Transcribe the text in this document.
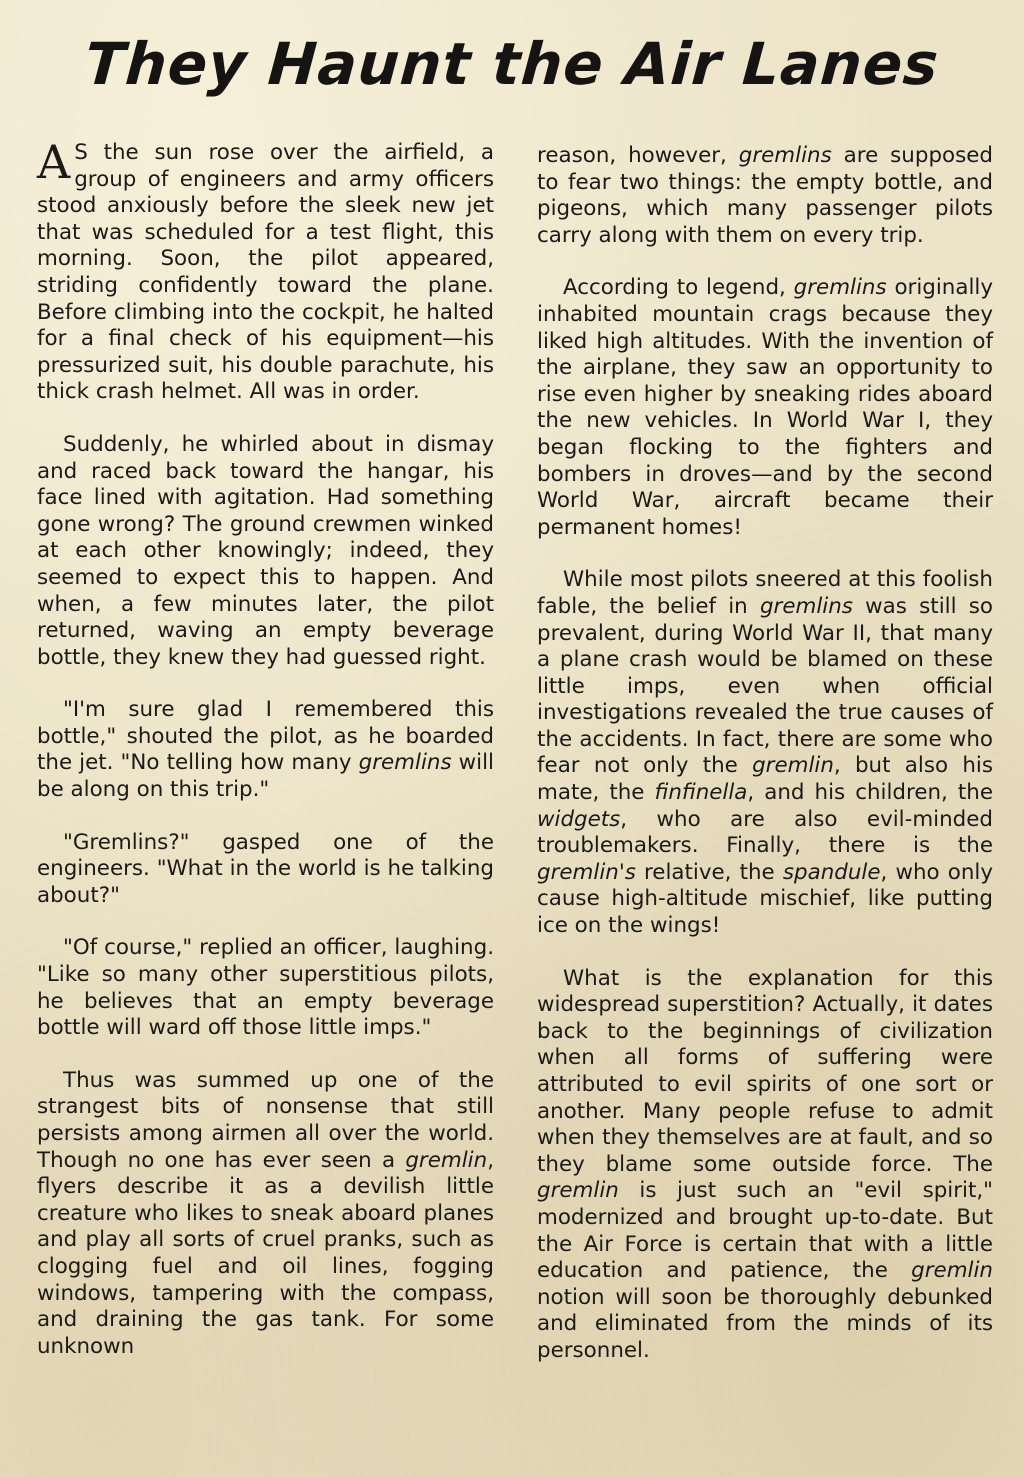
They Haunt the Air Lanes

A S the sun rose over the airfield, a group of engineers and army officers stood anxiously before the sleek new jet that was scheduled for a test flight, this morning. Soon, the pilot appeared, striding confidently toward the plane. Before climbing into the cockpit, he halted for a final check of his equipment—his pressurized suit, his double parachute, his thick crash helmet. All was in order.

Suddenly, he whirled about in dismay and raced back toward the hangar, his face lined with agitation. Had something gone wrong? The ground crewmen winked at each other knowingly; indeed, they seemed to expect this to happen. And when, a few minutes later, the pilot returned, waving an empty beverage bottle, they knew they had guessed right.

"I'm sure glad I remembered this bottle," shouted the pilot, as he boarded the jet. "No telling how many gremlins will be along on this trip."

"Gremlins?" gasped one of the engineers. "What in the world is he talking about?"

"Of course," replied an officer, laughing. "Like so many other superstitious pilots, he believes that an empty beverage bottle will ward off those little imps."

Thus was summed up one of the strangest bits of nonsense that still persists among airmen all over the world. Though no one has ever seen a gremlin, flyers describe it as a devilish little creature who likes to sneak aboard planes and play all sorts of cruel pranks, such as clogging fuel and oil lines, fogging windows, tampering with the compass, and draining the gas tank. For some unknown

reason, however, gremlins are supposed to fear two things: the empty bottle, and pigeons, which many passenger pilots carry along with them on every trip.

According to legend, gremlins originally inhabited mountain crags because they liked high altitudes. With the invention of the airplane, they saw an opportunity to rise even higher by sneaking rides aboard the new vehicles. In World War I, they began flocking to the fighters and bombers in droves—and by the second World War, aircraft became their permanent homes!

While most pilots sneered at this foolish fable, the belief in gremlins was still so prevalent, during World War II, that many a plane crash would be blamed on these little imps, even when official investigations revealed the true causes of the accidents. In fact, there are some who fear not only the gremlin, but also his mate, the finfinella, and his children, the widgets, who are also evil-minded troublemakers. Finally, there is the gremlin's relative, the spandule, who only cause high-altitude mischief, like putting ice on the wings!

What is the explanation for this widespread superstition? Actually, it dates back to the beginnings of civilization when all forms of suffering were attributed to evil spirits of one sort or another. Many people refuse to admit when they themselves are at fault, and so they blame some outside force. The gremlin is just such an "evil spirit," modernized and brought up-to-date. But the Air Force is certain that with a little education and patience, the gremlin notion will soon be thoroughly debunked and eliminated from the minds of its personnel.
